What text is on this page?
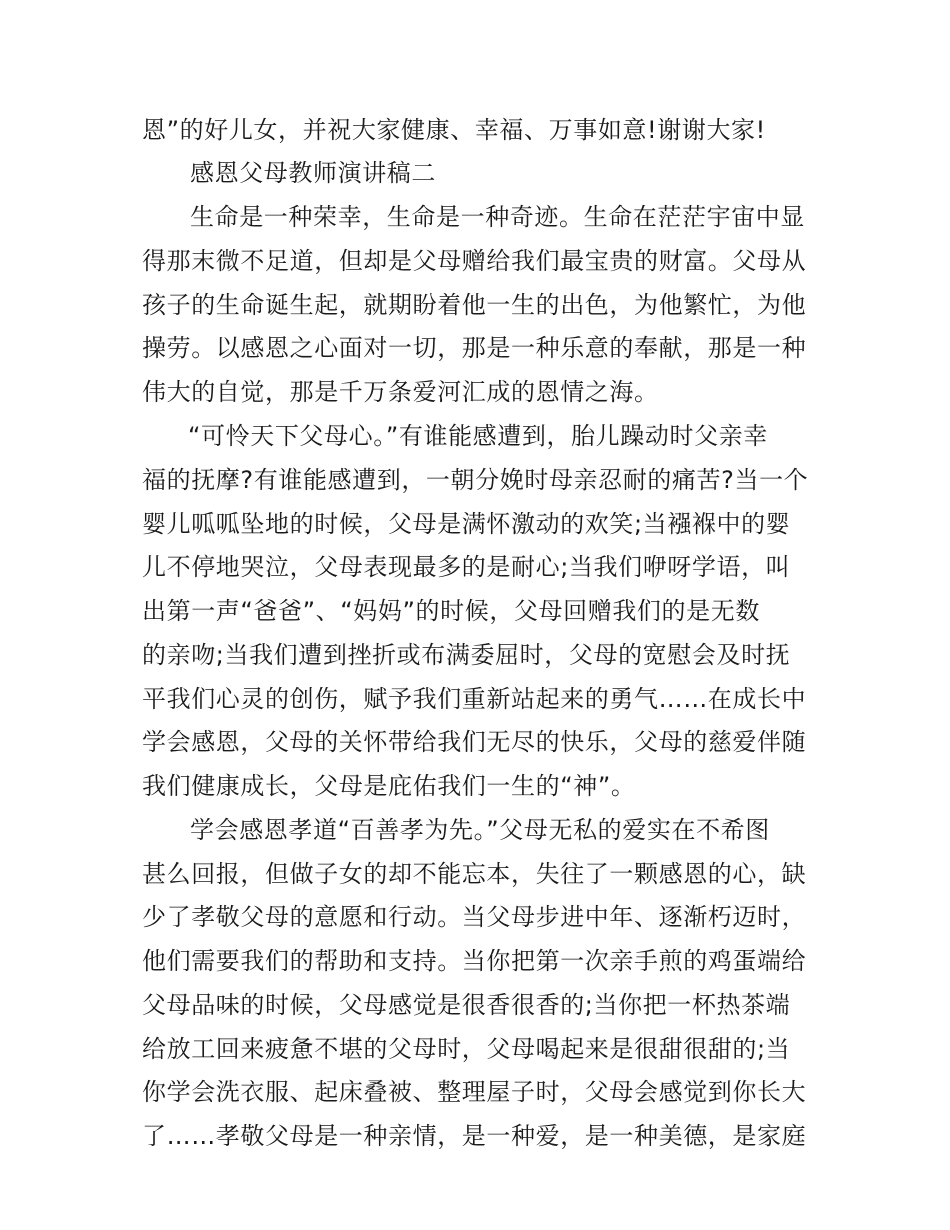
恩”的好儿女，并祝大家健康、幸福、万事如意!谢谢大家!
感恩父母教师演讲稿二
生命是一种荣幸，生命是一种奇迹。生命在茫茫宇宙中显
得那末微不足道，但却是父母赠给我们最宝贵的财富。父母从
孩子的生命诞生起，就期盼着他一生的出色，为他繁忙，为他
操劳。以感恩之心面对一切，那是一种乐意的奉献，那是一种
伟大的自觉，那是千万条爱河汇成的恩情之海。
“可怜天下父母心。”有谁能感遭到，胎儿躁动时父亲幸
福的抚摩?有谁能感遭到，一朝分娩时母亲忍耐的痛苦?当一个
婴儿呱呱坠地的时候，父母是满怀激动的欢笑;当襁褓中的婴
儿不停地哭泣，父母表现最多的是耐心;当我们咿呀学语，叫
出第一声“爸爸”、“妈妈”的时候，父母回赠我们的是无数
的亲吻;当我们遭到挫折或布满委屈时，父母的宽慰会及时抚
平我们心灵的创伤，赋予我们重新站起来的勇气……在成长中
学会感恩，父母的关怀带给我们无尽的快乐，父母的慈爱伴随
我们健康成长，父母是庇佑我们一生的“神”。
学会感恩孝道“百善孝为先。”父母无私的爱实在不希图
甚么回报，但做子女的却不能忘本，失往了一颗感恩的心，缺
少了孝敬父母的意愿和行动。当父母步进中年、逐渐朽迈时，
他们需要我们的帮助和支持。当你把第一次亲手煎的鸡蛋端给
父母品味的时候，父母感觉是很香很香的;当你把一杯热茶端
给放工回来疲惫不堪的父母时，父母喝起来是很甜很甜的;当
你学会洗衣服、起床叠被、整理屋子时，父母会感觉到你长大
了……孝敬父母是一种亲情，是一种爱，是一种美德，是家庭
